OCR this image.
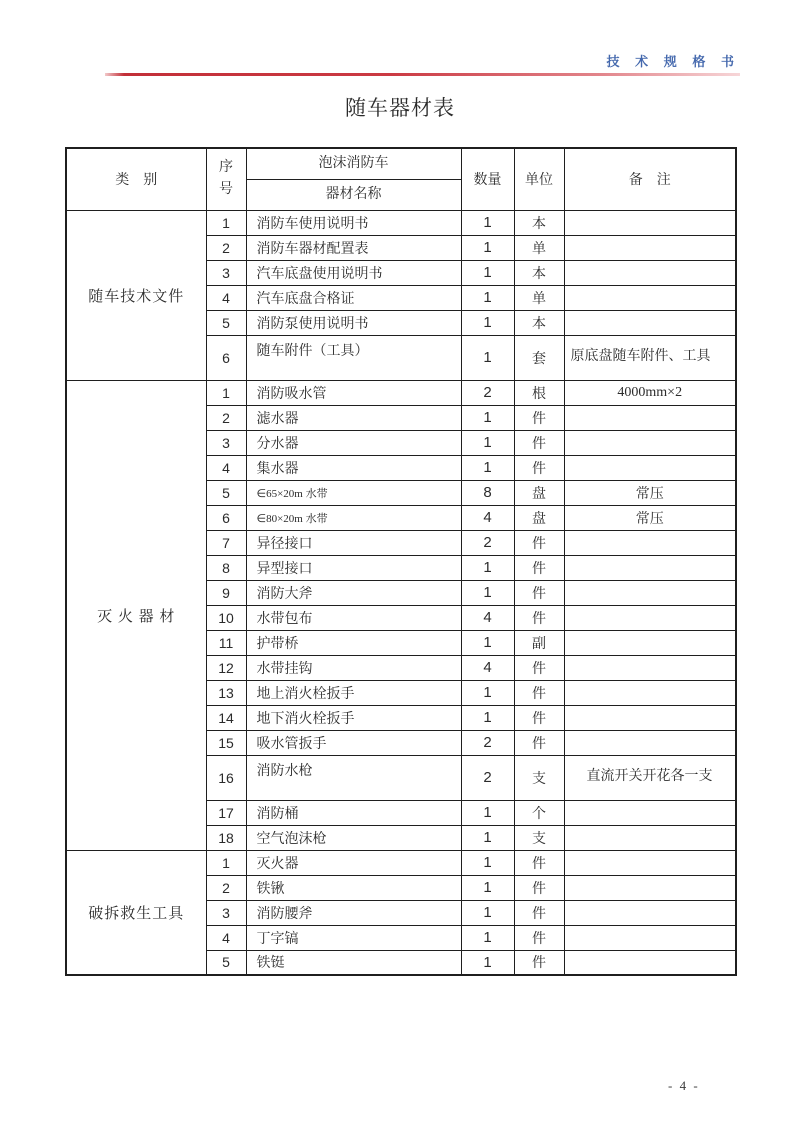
技 术 规 格 书
随车器材表
类　别	序号	泡沫消防车
器材名称	数量	单位	备　注
随车技术文件	1	消防车使用说明书	1	本	
	2	消防车器材配置表	1	单	
	3	汽车底盘使用说明书	1	本	
	4	汽车底盘合格证	1	单	
	5	消防泵使用说明书	1	本	
	6	随车附件（工具）	1	套	原底盘随车附件、工具
灭 火 器 材	1	消防吸水管	2	根	4000mm×2
	2	滤水器	1	件	
	3	分水器	1	件	
	4	集水器	1	件	
	5	∈65×20m 水带	8	盘	常压
	6	∈80×20m 水带	4	盘	常压
	7	异径接口	2	件	
	8	异型接口	1	件	
	9	消防大斧	1	件	
	10	水带包布	4	件	
	11	护带桥	1	副	
	12	水带挂钩	4	件	
	13	地上消火栓扳手	1	件	
	14	地下消火栓扳手	1	件	
	15	吸水管扳手	2	件	
	16	消防水枪	2	支	直流开关开花各一支
	17	消防桶	1	个	
	18	空气泡沫枪	1	支	
破拆救生工具	1	灭火器	1	件	
	2	铁锹	1	件	
	3	消防腰斧	1	件	
	4	丁字镐	1	件	
	5	铁铤	1	件	
- 4 -
